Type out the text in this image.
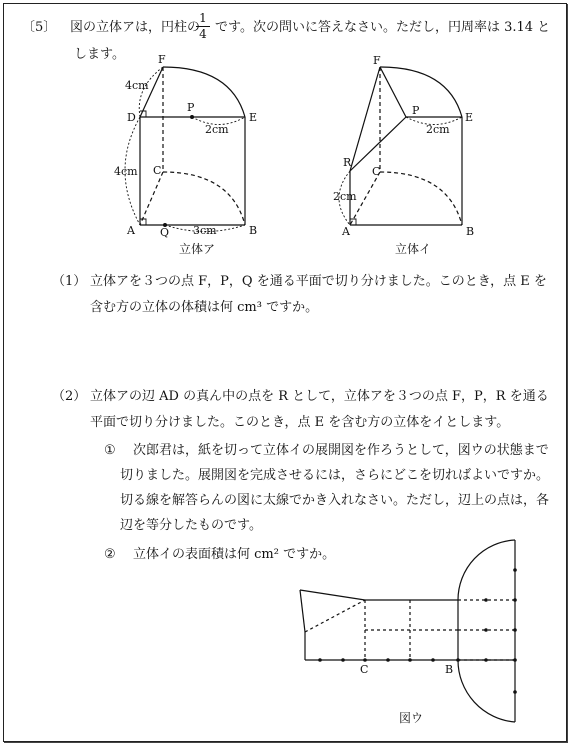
〔5〕 図の立体アは，円柱の
1
4 です。次の問いに答えなさい。ただし，円周率は 3.14 と
します。	F
P
E
D
C
A Q	B
4cm
4cm
2cm
3cm
立体ア
F
P
E
R
C
A	B
2cm
2cm
立体イ
（1） 立体アを３つの点 F，P，Q を通る平面で切り分けました。このとき，点 E を
含む方の立体の体積は何 cm³ ですか。
（2） 立体アの辺 AD の真ん中の点を R として，立体アを３つの点 F，P，R を通る
平面で切り分けました。このとき，点 E を含む方の立体をイとします。
① 次郎君は，紙を切って立体イの展開図を作ろうとして，図ウの状態まで
切りました。展開図を完成させるには，さらにどこを切ればよいですか。
切る線を解答らんの図に太線でかき入れなさい。ただし，辺上の点は，各
辺を等分したものです。
② 立体イの表面積は何 cm² ですか。
C	B
図ウ
